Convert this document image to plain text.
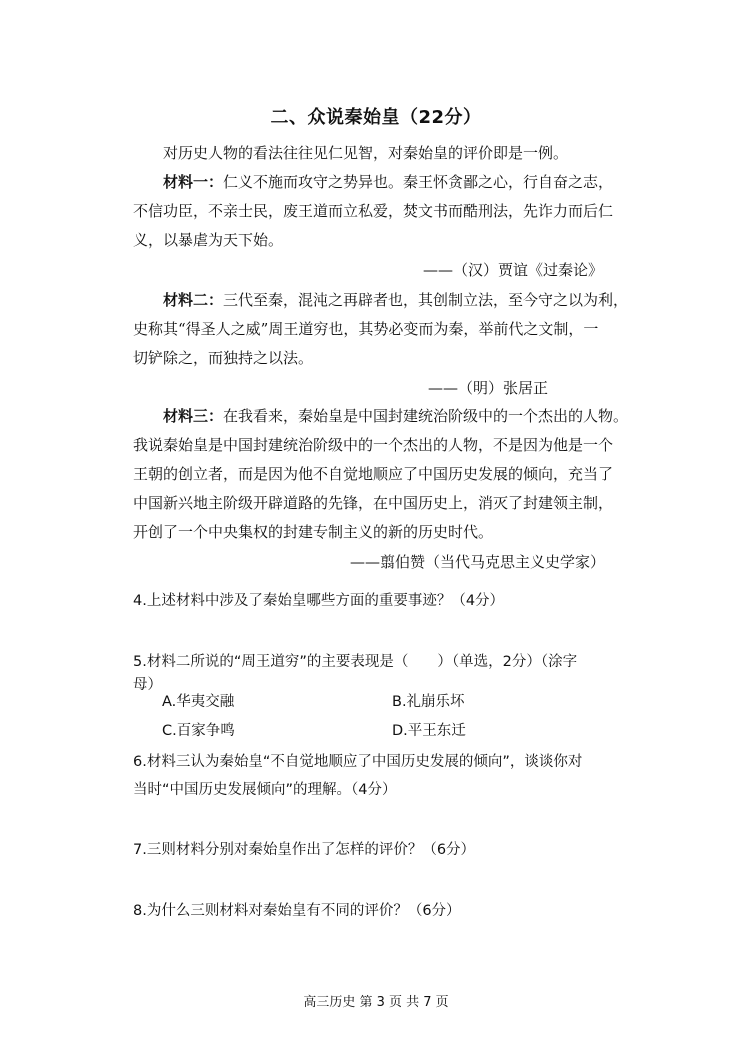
二、众说秦始皇（22分）
对历史人物的看法往往见仁见智，对秦始皇的评价即是一例。
材料一：仁义不施而攻守之势异也。秦王怀贪鄙之心，行自奋之志，
不信功臣，不亲士民，废王道而立私爱，焚文书而酷刑法，先诈力而后仁
义，以暴虐为天下始。
——（汉）贾谊《过秦论》
材料二：三代至秦，混沌之再辟者也，其创制立法，至今守之以为利，
史称其“得圣人之威”周王道穷也，其势必变而为秦，举前代之文制，一
切铲除之，而独持之以法。
——（明）张居正
材料三：在我看来，秦始皇是中国封建统治阶级中的一个杰出的人物。
我说秦始皇是中国封建统治阶级中的一个杰出的人物，不是因为他是一个
王朝的创立者，而是因为他不自觉地顺应了中国历史发展的倾向，充当了
中国新兴地主阶级开辟道路的先锋，在中国历史上，消灭了封建领主制，
开创了一个中央集权的封建专制主义的新的历史时代。
——翦伯赞（当代马克思主义史学家）
4.上述材料中涉及了秦始皇哪些方面的重要事迹？（4分）
5.材料二所说的“周王道穷”的主要表现是（　　）（单选，2分）（涂字
母）
A.华夷交融	B.礼崩乐坏
C.百家争鸣	D.平王东迁
6.材料三认为秦始皇“不自觉地顺应了中国历史发展的倾向”，谈谈你对
当时“中国历史发展倾向”的理解。（4分）
7.三则材料分别对秦始皇作出了怎样的评价？（6分）
8.为什么三则材料对秦始皇有不同的评价？（6分）
高三历史 第 3 页 共 7 页
